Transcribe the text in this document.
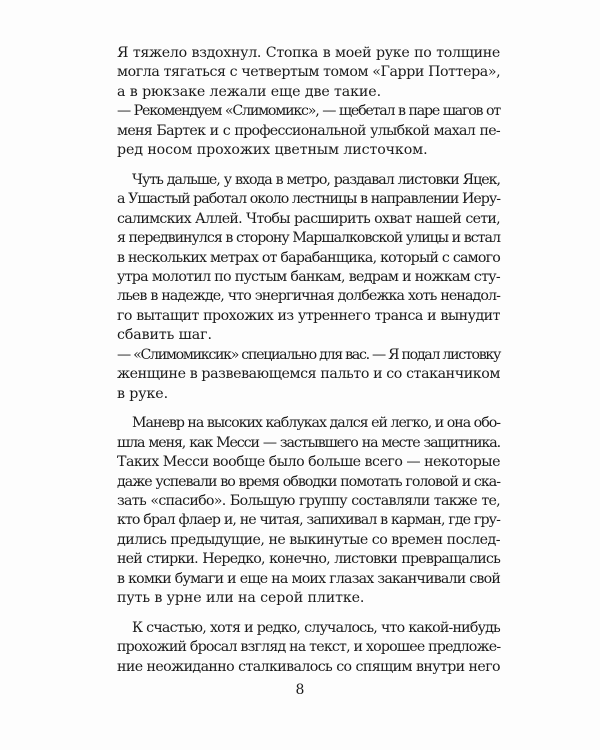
Я тяжело вздохнул. Стопка в моей руке по толщине
могла тягаться с четвертым томом «Гарри Поттера»,
а в рюкзаке лежали еще две такие.
— Рекомендуем «Слимомикс», — щебетал в паре шагов от
меня Бартек и с профессиональной улыбкой махал пе-
ред носом прохожих цветным листочком.
Чуть дальше, у входа в метро, раздавал листовки Яцек,
а Ушастый работал около лестницы в направлении Иеру-
салимских Аллей. Чтобы расширить охват нашей сети,
я передвинулся в сторону Маршалковской улицы и встал
в нескольких метрах от барабанщика, который с самого
утра молотил по пустым банкам, ведрам и ножкам сту-
льев в надежде, что энергичная долбежка хоть ненадол-
го вытащит прохожих из утреннего транса и вынудит
сбавить шаг.
— «Слимомиксик» специально для вас. — Я подал листовку
женщине в развевающемся пальто и со стаканчиком
в руке.
Маневр на высоких каблуках дался ей легко, и она обо-
шла меня, как Месси — застывшего на месте защитника.
Таких Месси вообще было больше всего — некоторые
даже успевали во время обводки помотать головой и ска-
зать «спасибо». Большую группу составляли также те,
кто брал флаер и, не читая, запихивал в карман, где гру-
дились предыдущие, не выкинутые со времен послед-
ней стирки. Нередко, конечно, листовки превращались
в комки бумаги и еще на моих глазах заканчивали свой
путь в урне или на серой плитке.
К счастью, хотя и редко, случалось, что какой-нибудь
прохожий бросал взгляд на текст, и хорошее предложе-
ние неожиданно сталкивалось со спящим внутри него
8
